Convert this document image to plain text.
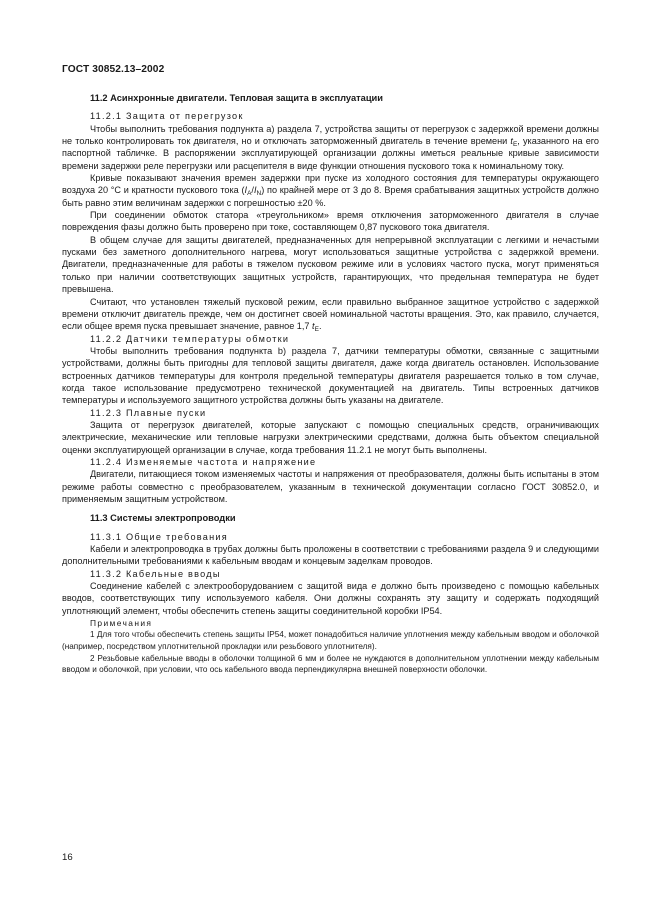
ГОСТ 30852.13–2002
11.2 Асинхронные двигатели. Тепловая защита в эксплуатации

11.2.1 Защита от перегрузок

Чтобы выполнить требования подпункта а) раздела 7, устройства защиты от перегрузок с задержкой времени должны не только контролировать ток двигателя, но и отключать заторможенный двигатель в течение времени $t_E$, указанного на его паспортной табличке. В распоряжении эксплуатирующей организации должны иметься реальные кривые зависимости времени задержки реле перегрузки или расцепителя в виде функции отношения пускового тока к номинальному току.

Кривые показывают значения времен задержки при пуске из холодного состояния для температуры окружающего воздуха 20 °С и кратности пускового тока $(I_A/I_N)$ по крайней мере от 3 до 8. Время срабатывания защитных устройств должно быть равно этим величинам задержки с погрешностью ±20 %.

При соединении обмоток статора «треугольником» время отключения заторможенного двигателя в случае повреждения фазы должно быть проверено при токе, составляющем 0,87 пускового тока двигателя.

В общем случае для защиты двигателей, предназначенных для непрерывной эксплуатации с легкими и нечастыми пусками без заметного дополнительного нагрева, могут использоваться защитные устройства с задержкой времени. Двигатели, предназначенные для работы в тяжелом пусковом режиме или в условиях частого пуска, могут применяться только при наличии соответствующих защитных устройств, гарантирующих, что предельная температура не будет превышена.

Считают, что установлен тяжелый пусковой режим, если правильно выбранное защитное устройство с задержкой времени отключит двигатель прежде, чем он достигнет своей номинальной частоты вращения. Это, как правило, случается, если общее время пуска превышает значение, равное 1,7 $t_E$.

11.2.2 Датчики температуры обмотки

Чтобы выполнить требования подпункта b) раздела 7, датчики температуры обмотки, связанные с защитными устройствами, должны быть пригодны для тепловой защиты двигателя, даже когда двигатель остановлен. Использование встроенных датчиков температуры для контроля предельной температуры двигателя разрешается только в том случае, когда такое использование предусмотрено технической документацией на двигатель. Типы встроенных датчиков температуры и используемого защитного устройства должны быть указаны на двигателе.

11.2.3 Плавные пуски

Защита от перегрузок двигателей, которые запускают с помощью специальных средств, ограничивающих электрические, механические или тепловые нагрузки электрическими средствами, должна быть объектом специальной оценки эксплуатирующей организации в случае, когда требования 11.2.1 не могут быть выполнены.

11.2.4 Изменяемые частота и напряжение

Двигатели, питающиеся током изменяемых частоты и напряжения от преобразователя, должны быть испытаны в этом режиме работы совместно с преобразователем, указанным в технической документации согласно ГОСТ 30852.0, и применяемым защитным устройством.

11.3 Системы электропроводки

11.3.1 Общие требования

Кабели и электропроводка в трубах должны быть проложены в соответствии с требованиями раздела 9 и следующими дополнительными требованиями к кабельным вводам и концевым заделкам проводов.

11.3.2 Кабельные вводы

Соединение кабелей с электрооборудованием с защитой вида е должно быть произведено с помощью кабельных вводов, соответствующих типу используемого кабеля. Они должны сохранять эту защиту и содержать подходящий уплотняющий элемент, чтобы обеспечить степень защиты соединительной коробки IP54.

Примечания

1 Для того чтобы обеспечить степень защиты IP54, может понадобиться наличие уплотнения между кабельным вводом и оболочкой (например, посредством уплотнительной прокладки или резьбового уплотнителя).

2 Резьбовые кабельные вводы в оболочки толщиной 6 мм и более не нуждаются в дополнительном уплотнении между кабельным вводом и оболочкой, при условии, что ось кабельного ввода перпендикулярна внешней поверхности оболочки.

16
